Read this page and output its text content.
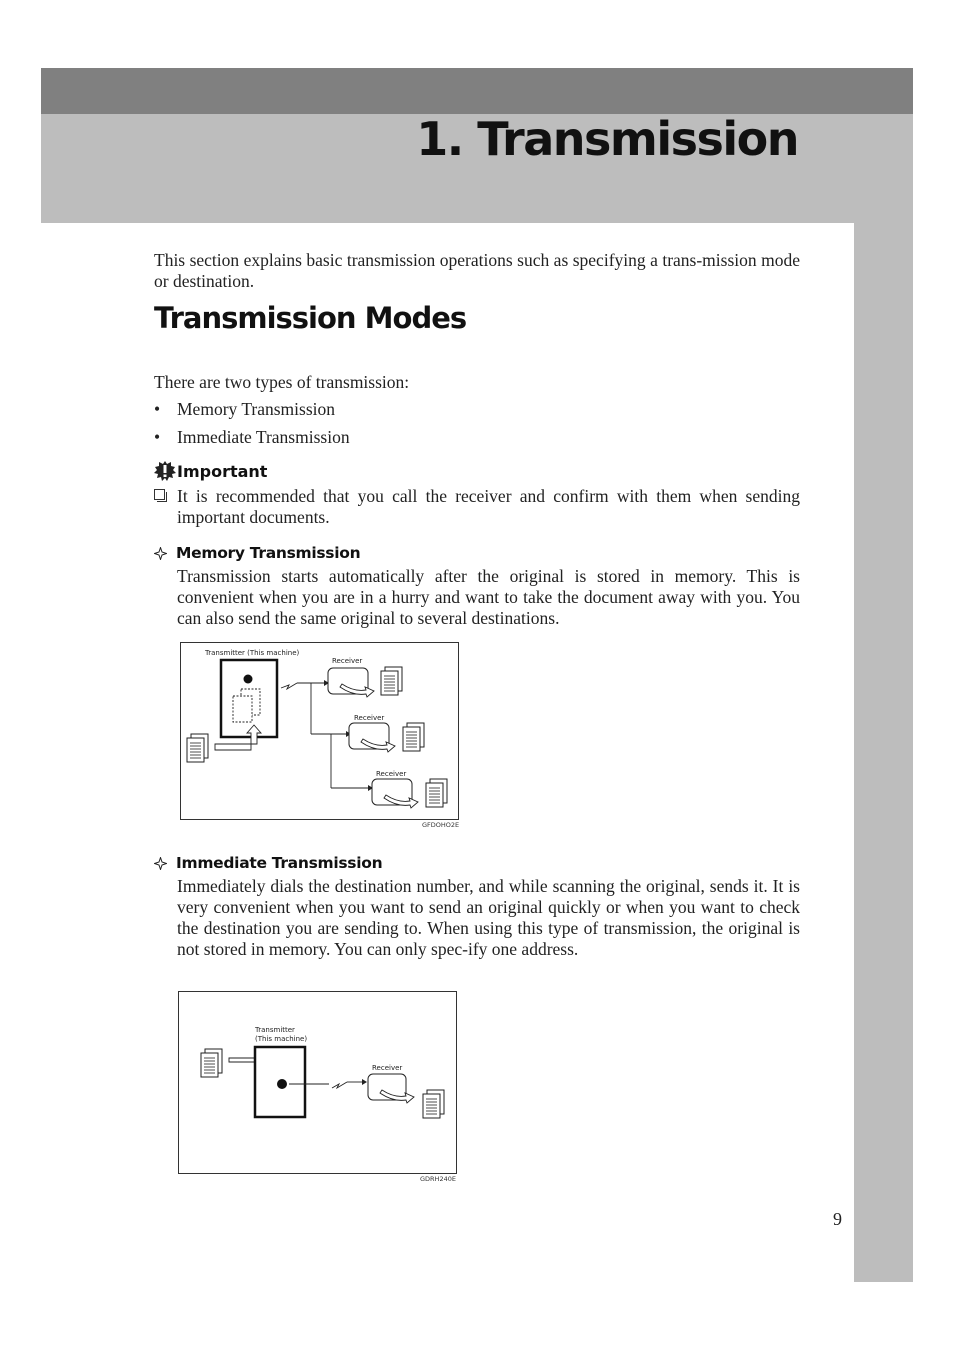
1. Transmission

This section explains basic transmission operations such as specifying a trans-mission mode or destination.

Transmission Modes

There are two types of transmission:

• Memory Transmission
• Immediate Transmission
Important

It is recommended that you call the receiver and confirm with them when sending important documents.

Memory Transmission

Transmission starts automatically after the original is stored in memory. This is convenient when you are in a hurry and want to take the document away with you. You can also send the same original to several destinations.

Transmitter (This machine)
Receiver
Receiver
Receiver
GFDOHO2E
Immediate Transmission

Immediately dials the destination number, and while scanning the original, sends it. It is very convenient when you want to send an original quickly or when you want to check the destination you are sending to. When using this type of transmission, the original is not stored in memory. You can only spec-ify one address.

Transmitter
(This machine)
Receiver
GDRH240E
9
